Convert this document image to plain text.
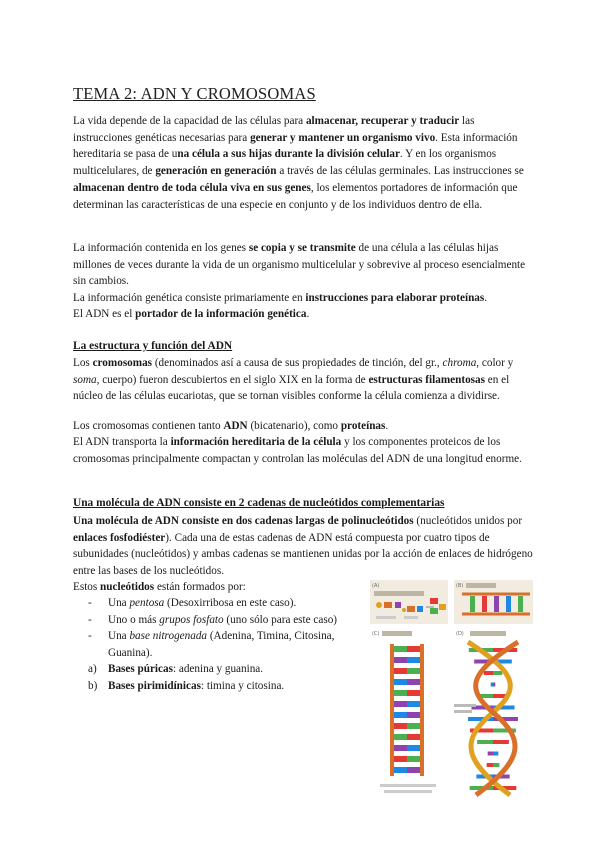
TEMA 2: ADN Y CROMOSOMAS

La vida depende de la capacidad de las células para almacenar, recuperar y traducir las instrucciones genéticas necesarias para generar y mantener un organismo vivo. Esta información hereditaria se pasa de una célula a sus hijas durante la división celular. Y en los organismos multicelulares, de generación en generación a través de las células germinales. Las instrucciones se almacenan dentro de toda célula viva en sus genes, los elementos portadores de información que determinan las características de una especie en conjunto y de los individuos dentro de ella.

La información contenida en los genes se copia y se transmite de una célula a las células hijas millones de veces durante la vida de un organismo multicelular y sobrevive al proceso esencialmente sin cambios.

La información genética consiste primariamente en instrucciones para elaborar proteínas.

El ADN es el portador de la información genética.

La estructura y función del ADN

Los cromosomas (denominados así a causa de sus propiedades de tinción, del gr., chroma, color y soma, cuerpo) fueron descubiertos en el siglo XIX en la forma de estructuras filamentosas en el núcleo de las células eucariotas, que se tornan visibles conforme la célula comienza a dividirse.

Los cromosomas contienen tanto ADN (bicatenario), como proteínas.

El ADN transporta la información hereditaria de la célula y los componentes proteicos de los cromosomas principalmente compactan y controlan las moléculas del ADN de una longitud enorme.

Una molécula de ADN consiste en 2 cadenas de nucleótidos complementarias

Una molécula de ADN consiste en dos cadenas largas de polinucleótidos (nucleótidos unidos por enlaces fosfodiéster). Cada una de estas cadenas de ADN está compuesta por cuatro tipos de subunidades (nucleótidos) y ambas cadenas se mantienen unidas por la acción de enlaces de hidrógeno entre las bases de los nucleótidos.

Estos nucleótidos están formados por:

- Una pentosa (Desoxirribosa en este caso).
- Uno o más grupos fosfato (uno sólo para este caso)
- Una base nitrogenada (Adenina, Timina, Citosina, Guanina).
a) Bases púricas: adenina y guanina.
b) Bases pirimidínicas: timina y citosina.
(A)	(B)
(C)	(D)
